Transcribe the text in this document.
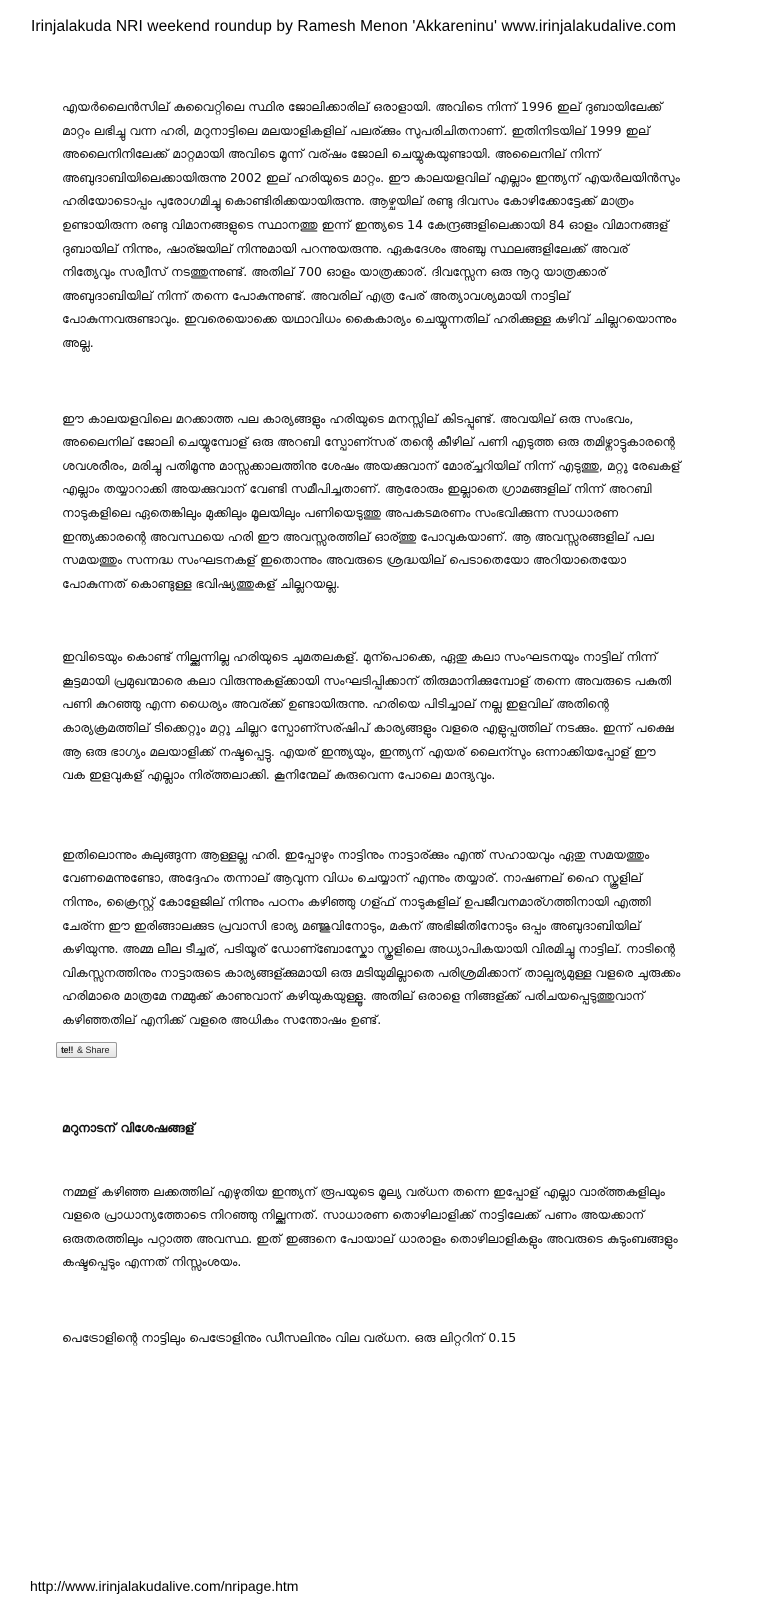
Irinjalakuda NRI weekend roundup by Ramesh Menon 'Akkareninu' www.irinjalakudalive.com

എയർലൈൻസില് കുവൈറ്റിലെ സ്ഥിര ജോലിക്കാരില് ഒരാളായി. അവിടെ നിന്ന് 1996 ഇല് ദുബായിലേക്ക് മാറ്റം ലഭിച്ചു വന്ന ഹരി, മറുനാട്ടിലെ മലയാളികളില് പലര്ക്കും സുപരിചിതനാണ്. ഇതിനിടയില് 1999 ഇല് അലൈനിനിലേക്ക് മാറ്റമായി അവിടെ മൂന്ന് വര്ഷം ജോലി ചെയ്യുകയുണ്ടായി. അലൈനില് നിന്ന് അബുദാബിയിലെക്കായിരുന്നു 2002 ഇല് ഹരിയുടെ മാറ്റം. ഈ കാലയളവില് എല്ലാം ഇന്ത്യന് എയർലയിൻസും ഹരിയോടൊപ്പം പുരോഗമിച്ചു കൊണ്ടിരിക്കയായിരുന്നു. ആഴ്ചയില് രണ്ടു ദിവസം കോഴിക്കോട്ടേക്ക് മാത്രം ഉണ്ടായിരുന്ന രണ്ടു വിമാനങ്ങളുടെ സ്ഥാനത്തു ഇന്ന് ഇന്ത്യടെ 14 കേന്ദ്രങ്ങളിലെക്കായി 84 ഓളം വിമാനങ്ങള് ദുബായില് നിന്നും, ഷാര്ജയില് നിന്നുമായി പറന്നുയരുന്നു. ഏകദേശം അഞ്ചു സ്ഥലങ്ങളിലേക്ക് അവര് നിത്യേവും സര്വീസ് നടത്തുന്നുണ്ട്. അതില് 700 ഓളം യാത്രക്കാര്. ദിവസ്സേന ഒരു നൂറു യാത്രക്കാര് അബുദാബിയില് നിന്ന് തന്നെ പോകുന്നുണ്ട്. അവരില് എത്ര പേര് അത്യാവശ്യമായി നാട്ടില് പോകുന്നവരുണ്ടാവും. ഇവരെയൊക്കെ യഥാവിധം കൈകാര്യം ചെയ്യുന്നതില് ഹരിക്കുള്ള കഴിവ് ചില്ലറയൊന്നും അല്ല.

ഈ കാലയളവിലെ മറക്കാത്ത പല കാര്യങ്ങളും ഹരിയുടെ മനസ്സില് കിടപ്പുണ്ട്. അവയില് ഒരു സംഭവം, അലൈനില് ജോലി ചെയ്യുമ്പോള് ഒരു അറബി സ്പോണ്സര് തന്റെ കീഴില് പണി എടുത്ത ഒരു തമിഴ്നാട്ടുകാരന്റെ ശവശരീരം, മരിച്ചു പതിമൂന്നു മാസ്സക്കാലത്തിനു ശേഷം അയക്കുവാന് മോര്ച്ചറിയില് നിന്ന് എടുത്തു, മറ്റു രേഖകള് എല്ലാം തയ്യാറാക്കി അയക്കുവാന് വേണ്ടി സമീപിച്ചതാണ്. ആരോരും ഇല്ലാതെ ഗ്രാമങ്ങളില് നിന്ന് അറബി നാടുകളിലെ ഏതെങ്കിലും മുക്കിലും മൂലയിലും പണിയെടുത്തു അപകടമരണം സംഭവിക്കുന്ന സാധാരണ ഇന്ത്യക്കാരന്റെ അവസ്ഥയെ ഹരി ഈ അവസ്സരത്തില് ഓര്ത്തു പോവുകയാണ്. ആ അവസ്സരങ്ങളില് പല സമയത്തും സന്നദ്ധ സംഘടനകള് ഇതൊന്നും അവരുടെ ശ്രദ്ധയില് പെടാതെയോ അറിയാതെയോ പോകുന്നത് കൊണ്ടുള്ള ഭവിഷ്യത്തുകള് ചില്ലറയല്ല.

ഇവിടെയും കൊണ്ട് നില്ക്കുന്നില്ല ഹരിയുടെ ചുമതലകള്. മുന്പൊക്കെ, ഏതു കലാ സംഘടനയും നാട്ടില് നിന്ന് കൂട്ടമായി പ്രമുഖന്മാരെ കലാ വിരുന്നുകള്ക്കായി സംഘടിപ്പിക്കാന് തിരുമാനിക്കുമ്പോള് തന്നെ അവരുടെ പകുതി പണി കുറഞ്ഞു എന്ന ധൈര്യം അവര്ക്ക് ഉണ്ടായിരുന്നു. ഹരിയെ പിടിച്ചാല് നല്ല ഇളവില് അതിന്റെ കാര്യക്രമത്തില് ടിക്കെറ്റും മറ്റു ചില്ലറ സ്പോണ്സര്ഷിപ് കാര്യങ്ങളും വളരെ എളുപ്പത്തില് നടക്കും. ഇന്ന് പക്ഷെ ആ ഒരു ഭാഗ്യം മലയാളിക്ക് നഷ്ടപ്പെട്ടു. എയര് ഇന്ത്യയും, ഇന്ത്യന് എയര് ലൈന്സും ഒന്നാക്കിയപ്പോള് ഈ വക ഇളവുകള് എല്ലാം നിര്ത്തലാക്കി. കൂനിന്മേല് കുരുവെന്ന പോലെ മാന്ദ്യവും.

ഇതിലൊന്നും കുലുങ്ങുന്ന ആള്ളല്ല ഹരി. ഇപ്പോഴും നാട്ടിനും നാട്ടാര്ക്കും എന്ത് സഹായവും ഏതു സമയത്തും വേണമെന്നുണ്ടോ, അദ്ദേഹം തന്നാല് ആവുന്ന വിധം ചെയ്യാന് എന്നും തയ്യാര്. നാഷണല് ഹൈ സ്കൂളില് നിന്നും, ക്രൈസ്റ്റ് കോളേജില് നിന്നും പഠനം കഴിഞ്ഞു ഗള്ഫ് നാടുകളില് ഉപജീവനമാര്ഗത്തിനായി എത്തി ചേര്ന്ന ഈ ഇരിങ്ങാലക്കുട പ്രവാസി ഭാര്യ മഞ്ജുവിനോടും, മകന് അഭിജിതിനോടും ഒപ്പം അബുദാബിയില് കഴിയുന്നു. അമ്മ ലീല ടീച്ചര്, പടിയൂര് ഡോണ്ബോസ്കോ സ്കൂളിലെ അധ്യാപികയായി വിരമിച്ചു നാട്ടില്. നാടിന്റെ വികസ്സനത്തിനും നാട്ടാരുടെ കാര്യങ്ങള്ക്കുമായി ഒരു മടിയുമില്ലാതെ പരിശ്രമിക്കാന് താല്പര്യമുള്ള വളരെ ചുരുക്കം ഹരിമാരെ മാത്രമേ നമ്മുക്ക് കാണുവാന് കഴിയുകയുള്ളൂ. അതില് ഒരാളെ നിങ്ങള്ക്ക് പരിചയപ്പെടുത്തുവാന് കഴിഞ്ഞതില് എനിക്ക് വളരെ അധികം സന്തോഷം ഉണ്ട്.

te!! & Share

മറുനാടന് വിശേഷങ്ങള്

നമ്മള് കഴിഞ്ഞ ലക്കത്തില് എഴുതിയ ഇന്ത്യന് രൂപയുടെ മൂല്യ വര്ധന തന്നെ ഇപ്പോള് എല്ലാ വാര്ത്തകളിലും വളരെ പ്രാധാന്യത്തോടെ നിറഞ്ഞു നില്ക്കുന്നത്. സാധാരണ തൊഴിലാളിക്ക് നാട്ടിലേക്ക് പണം അയക്കാന് ഒരുതരത്തിലും പറ്റാത്ത അവസ്ഥ. ഇത് ഇങ്ങനെ പോയാല് ധാരാളം തൊഴിലാളികളും അവരുടെ കുടുംബങ്ങളും കഷ്ടപ്പെടും എന്നത് നിസ്സംശയം.

പെട്രോളിന്റെ നാട്ടിലും പെട്രോളിനും ഡീസലിനും വില വര്ധന. ഒരു ലിറ്ററിന് 0.15

http://www.irinjalakudalive.com/nripage.htm
